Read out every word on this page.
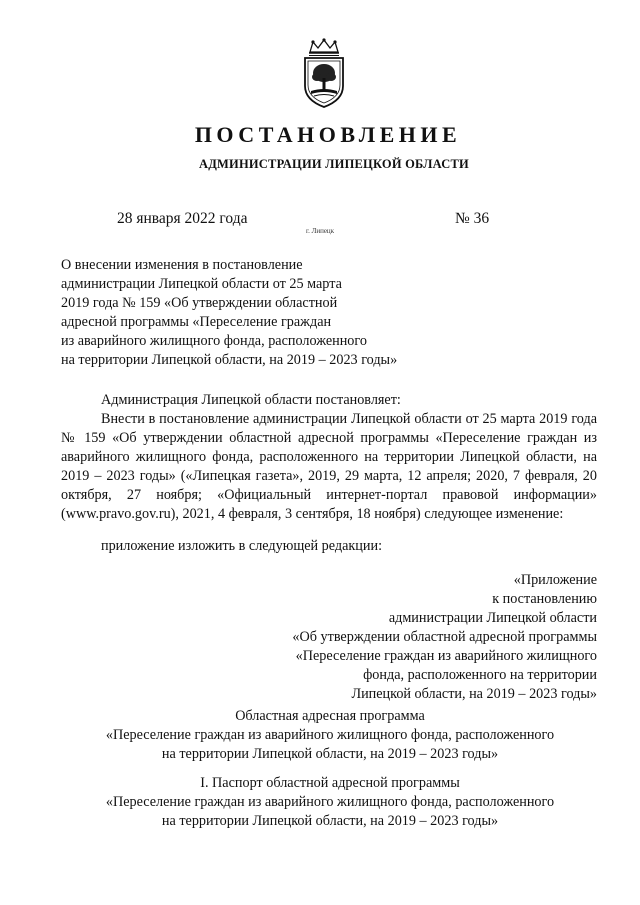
ПОСТАНОВЛЕНИЕ
АДМИНИСТРАЦИИ ЛИПЕЦКОЙ ОБЛАСТИ
28 января 2022 года
г. Липецк
№ 36
О внесении изменения в постановление
администрации Липецкой области от 25 марта
2019 года № 159 «Об утверждении областной
адресной программы «Переселение граждан
из аварийного жилищного фонда, расположенного
на территории Липецкой области, на 2019 – 2023 годы»
Администрация Липецкой области постановляет:
Внести в постановление администрации Липецкой области от 25 марта 2019 года № 159 «Об утверждении областной адресной программы «Переселение граждан из аварийного жилищного фонда, расположенного на территории Липецкой области, на 2019 – 2023 годы» («Липецкая газета», 2019, 29 марта, 12 апреля; 2020, 7 февраля, 20 октября, 27 ноября; «Официальный интернет-портал правовой информации» (www.pravo.gov.ru), 2021, 4 февраля, 3 сентября, 18 ноября) следующее изменение:
приложение изложить в следующей редакции:
«Приложение
к постановлению
администрации Липецкой области
«Об утверждении областной адресной программы
«Переселение граждан из аварийного жилищного
фонда, расположенного на территории
Липецкой области, на 2019 – 2023 годы»
Областная адресная программа
«Переселение граждан из аварийного жилищного фонда, расположенного
на территории Липецкой области, на 2019 – 2023 годы»
I. Паспорт областной адресной программы
«Переселение граждан из аварийного жилищного фонда, расположенного
на территории Липецкой области, на 2019 – 2023 годы»
